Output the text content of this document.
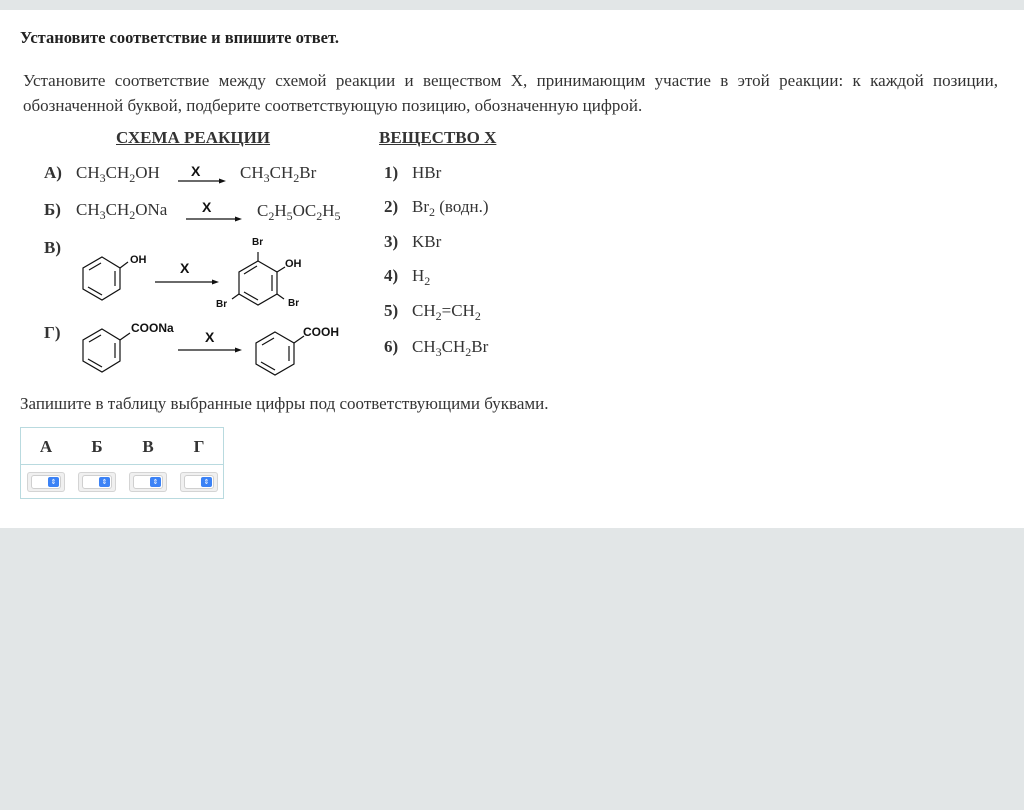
Установите соответствие и впишите ответ.
Установите соответствие между схемой реакции и веществом X, принимающим участие в этой реакции: к каждой позиции, обозначенной буквой, подберите соответствующую позицию, обозначенную цифрой.
СХЕМА РЕАКЦИИ	ВЕЩЕСТВО X
А) $CH_3CH_2OH$ X $CH_3CH_2Br$
Б) $CH_3CH_2ONa$ X	$C_2H_5OC_2H_5$
В)
OH X
Br
OH
Br	Br
Г)	COONa
X	COOH
1) HBr
2) $Br_2$ (водн.)
3) KBr
4) $H_2$
5) $CH_2=CH_2$
6) $CH_3CH_2Br$
Запишите в таблицу выбранные цифры под соответствующими буквами.
А	Б	В	Г
⇕	⇕	⇕	⇕
